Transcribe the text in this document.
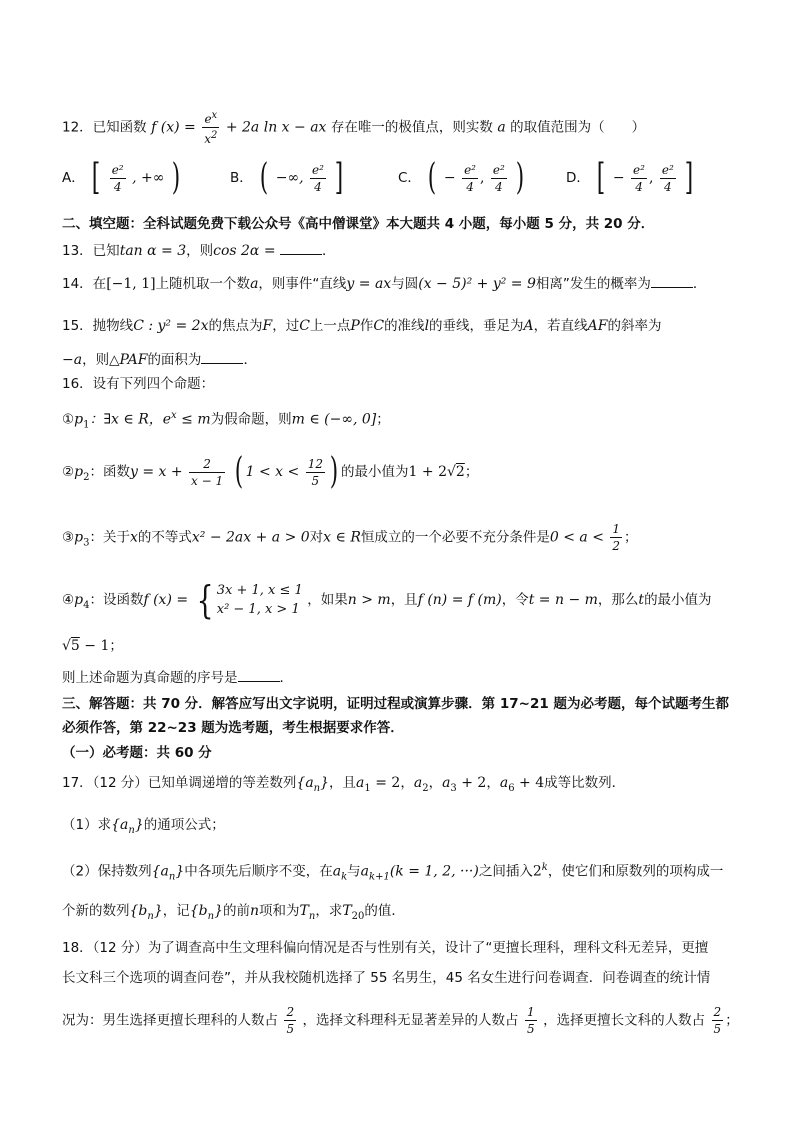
12．已知函数 f $(x) = \frac{e^x}{x^2} + 2a$ ln x − ax 存在唯一的极值点，则实数 a 的取值范围为（　　）
A． [ $\frac{\text{e²}}{4}$ , +∞ )	B． ( −∞, $\frac{\text{e²}}{4}$ ]	C． ( − $\frac{\text{e²}}{4}$ , $\frac{\text{e²}}{4}$ )	D． [ − $\frac{\text{e²}}{4}$ , $\frac{\text{e²}}{4}$ ]
二、填空题：全科试题免费下载公众号《高中僧课堂》本大题共 4 小题，每小题 5 分，共 20 分．
13．已知tan α = 3，则cos 2α =	．
14．在[−1, 1]上随机取一个数a，则事件“直线y = ax与圆(x − 5)² + y² = 9相离”发生的概率为	．
15．抛物线C : y² = 2x的焦点为F，过C上一点P作C的准线l的垂线，垂足为A，若直线AF的斜率为
−a，则△PAF的面积为	．
16．设有下列四个命题：
$①p_1$：∃x ∈ R，$e^x \le m$为假命题，则m ∈ (−∞, 0]；
$②p_2$：函数$y = x + \frac{2}{x - 1}$ ( $1 < x < \frac{12}{5}$ ) 的最小值为1 + 2√2；
$③p_3$：关于x的不等式x² − 2ax + a > 0对x ∈ R恒成立的一个必要不充分条件是$0 < a < \frac{1}{2}$ ；
$④p_4$：设函数f (x) = { 3x + 1, x ≤ 1
x² − 1, x > 1
，如果n > m，且f (n) = f (m)，令t = n − m，那么t的最小值为
√5 − 1；
则上述命题为真命题的序号是	．
三、解答题：共 70 分．解答应写出文字说明，证明过程或演算步骤．第 17~21 题为必考题，每个试题考生都
必须作答，第 22~23 题为选考题，考生根据要求作答．
（一）必考题：共 60 分
17．（12 分）已知单调递增的等差数列$\{a_n\}$，且$a_1 = 2$，$a_2$，$a_3 + 2$，$a_6 + 4$成等比数列．
（1）求$\{a_n\}$的通项公式；
（2）保持数列$\{a_n\}$中各项先后顺序不变，在$a_k$与$a_{k+1}(k = 1$, 2, ···)之间插入2$^k$，使它们和原数列的项构成一
个新的数列$\{b_n\}$，记$\{b_n\}$的前n项和为$T_n$，求$T_{20}$的值．
18．（12 分）为了调查高中生文理科偏向情况是否与性别有关，设计了“更擅长理科，理科文科无差异，更擅
长文科三个选项的调查问卷”，并从我校随机选择了 55 名男生，45 名女生进行问卷调查．问卷调查的统计情
况为：男生选择更擅长理科的人数占 $\frac{2}{5}$ ，选择文科理科无显著差异的人数占 $\frac{1}{5}$ ，选择更擅长文科的人数占 $\frac{2}{5}$ ；
